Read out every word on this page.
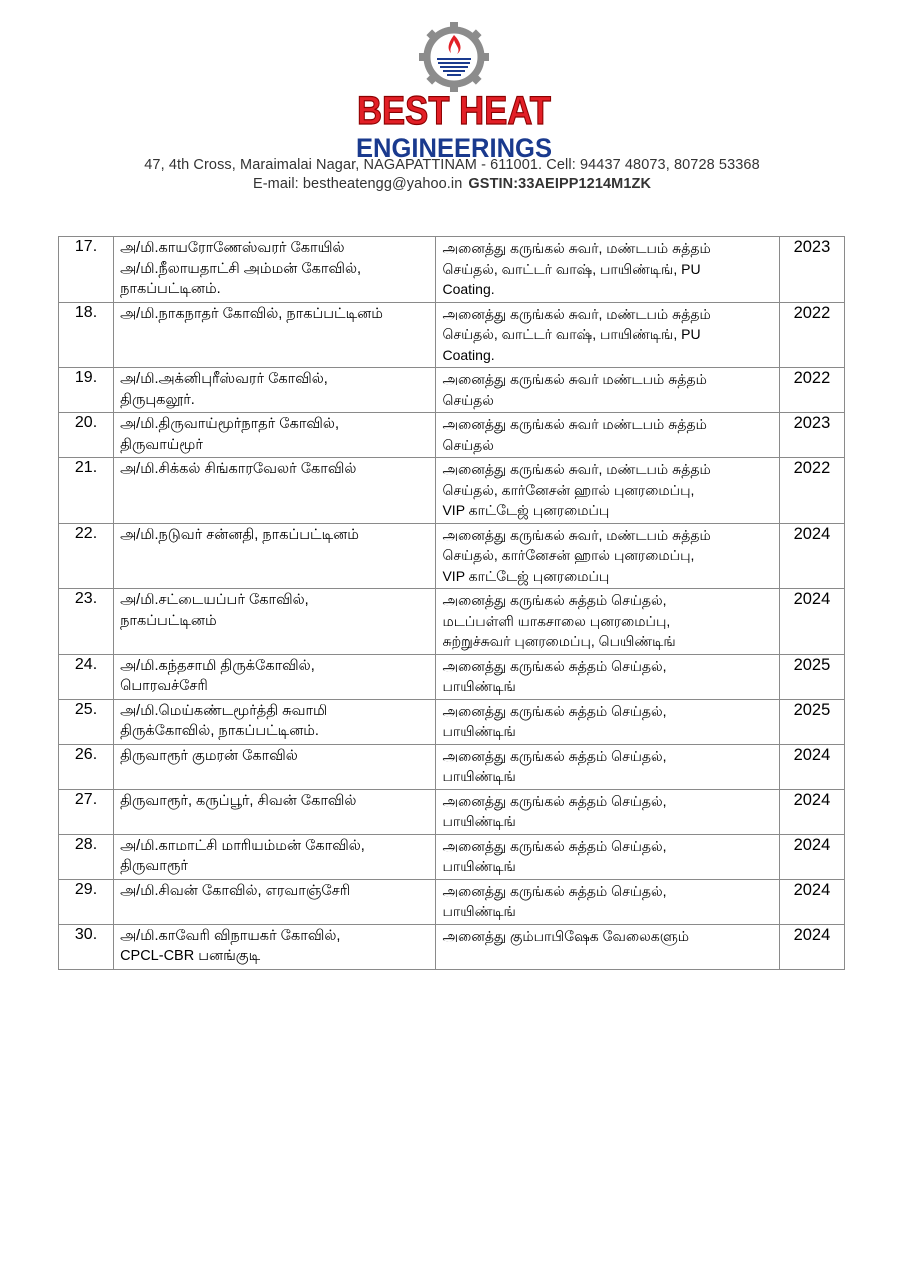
BEST HEAT
ENGINEERINGS
47, 4th Cross, Maraimalai Nagar, NAGAPATTINAM - 611001. Cell: 94437 48073, 80728 53368
E-mail: bestheatengg@yahoo.in GSTIN:33AEIPP1214M1ZK
17.	அ/மி.காயரோணேஸ்வரர் கோயில்
அ/மி.நீலாயதாட்சி அம்மன் கோவில்,
நாகப்பட்டினம்.	அனைத்து கருங்கல் சுவர், மண்டபம் சுத்தம்
செய்தல், வாட்டர் வாஷ், பாயிண்டிங், PU
Coating.	2023
18.	அ/மி.நாகநாதர் கோவில், நாகப்பட்டினம்	அனைத்து கருங்கல் சுவர், மண்டபம் சுத்தம்
செய்தல், வாட்டர் வாஷ், பாயிண்டிங், PU
Coating.	2022
19.	அ/மி.அக்னிபுரீஸ்வரர் கோவில்,
திருபுகலூர்.	அனைத்து கருங்கல் சுவர் மண்டபம் சுத்தம்
செய்தல்	2022
20.	அ/மி.திருவாய்மூர்நாதர் கோவில்,
திருவாய்மூர்	அனைத்து கருங்கல் சுவர் மண்டபம் சுத்தம்
செய்தல்	2023
21.	அ/மி.சிக்கல் சிங்காரவேலர் கோவில்	அனைத்து கருங்கல் சுவர், மண்டபம் சுத்தம்
செய்தல், கார்னேசன் ஹால் புனரமைப்பு,
VIP காட்டேஜ் புனரமைப்பு	2022
22.	அ/மி.நடுவர் சன்னதி, நாகப்பட்டினம்	அனைத்து கருங்கல் சுவர், மண்டபம் சுத்தம்
செய்தல், கார்னேசன் ஹால் புனரமைப்பு,
VIP காட்டேஜ் புனரமைப்பு	2024
23.	அ/மி.சட்டையப்பர் கோவில்,
நாகப்பட்டினம்	அனைத்து கருங்கல் சுத்தம் செய்தல்,
மடப்பள்ளி யாகசாலை புனரமைப்பு,
சுற்றுச்சுவர் புனரமைப்பு, பெயிண்டிங்	2024
24.	அ/மி.கந்தசாமி திருக்கோவில்,
பொரவச்சேரி	அனைத்து கருங்கல் சுத்தம் செய்தல்,
பாயிண்டிங்	2025
25.	அ/மி.மெய்கண்டமூர்த்தி சுவாமி
திருக்கோவில், நாகப்பட்டினம்.	அனைத்து கருங்கல் சுத்தம் செய்தல்,
பாயிண்டிங்	2025
26.	திருவாரூர் குமரன் கோவில்	அனைத்து கருங்கல் சுத்தம் செய்தல்,
பாயிண்டிங்	2024
27.	திருவாரூர், கருப்பூர், சிவன் கோவில்	அனைத்து கருங்கல் சுத்தம் செய்தல்,
பாயிண்டிங்	2024
28.	அ/மி.காமாட்சி மாரியம்மன் கோவில்,
திருவாரூர்	அனைத்து கருங்கல் சுத்தம் செய்தல்,
பாயிண்டிங்	2024
29.	அ/மி.சிவன் கோவில், எரவாஞ்சேரி	அனைத்து கருங்கல் சுத்தம் செய்தல்,
பாயிண்டிங்	2024
30.	அ/மி.காவேரி விநாயகர் கோவில்,
CPCL-CBR பனங்குடி	அனைத்து கும்பாபிஷேக வேலைகளும்	2024
